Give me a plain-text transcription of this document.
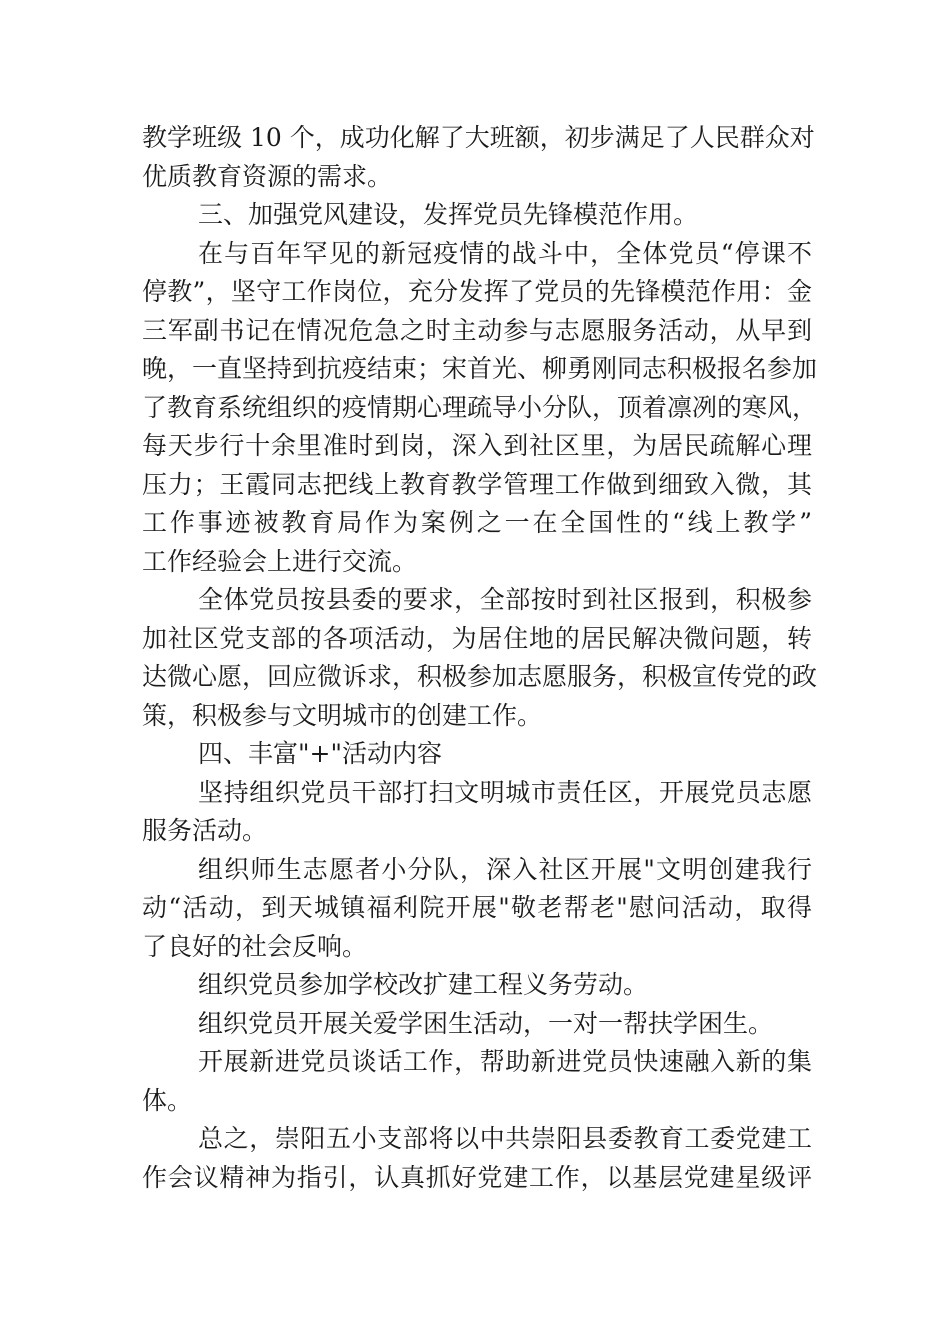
教学班级 10 个，成功化解了大班额，初步满足了人民群众对
优质教育资源的需求。
三、加强党风建设，发挥党员先锋模范作用。
在与百年罕见的新冠疫情的战斗中，全体党员“停课不
停教”，坚守工作岗位，充分发挥了党员的先锋模范作用：金
三军副书记在情况危急之时主动参与志愿服务活动，从早到
晚，一直坚持到抗疫结束；宋首光、柳勇刚同志积极报名参加
了教育系统组织的疫情期心理疏导小分队，顶着凛冽的寒风，
每天步行十余里准时到岗，深入到社区里，为居民疏解心理
压力；王霞同志把线上教育教学管理工作做到细致入微，其
工作事迹被教育局作为案例之一在全国性的“线上教学”
工作经验会上进行交流。
全体党员按县委的要求，全部按时到社区报到，积极参
加社区党支部的各项活动，为居住地的居民解决微问题，转
达微心愿，回应微诉求，积极参加志愿服务，积极宣传党的政
策，积极参与文明城市的创建工作。
四、丰富"+"活动内容
坚持组织党员干部打扫文明城市责任区，开展党员志愿
服务活动。
组织师生志愿者小分队，深入社区开展"文明创建我行
动“活动，到天城镇福利院开展"敬老帮老"慰问活动，取得
了良好的社会反响。
组织党员参加学校改扩建工程义务劳动。
组织党员开展关爱学困生活动，一对一帮扶学困生。
开展新进党员谈话工作，帮助新进党员快速融入新的集
体。
总之，崇阳五小支部将以中共崇阳县委教育工委党建工
作会议精神为指引，认真抓好党建工作，以基层党建星级评
